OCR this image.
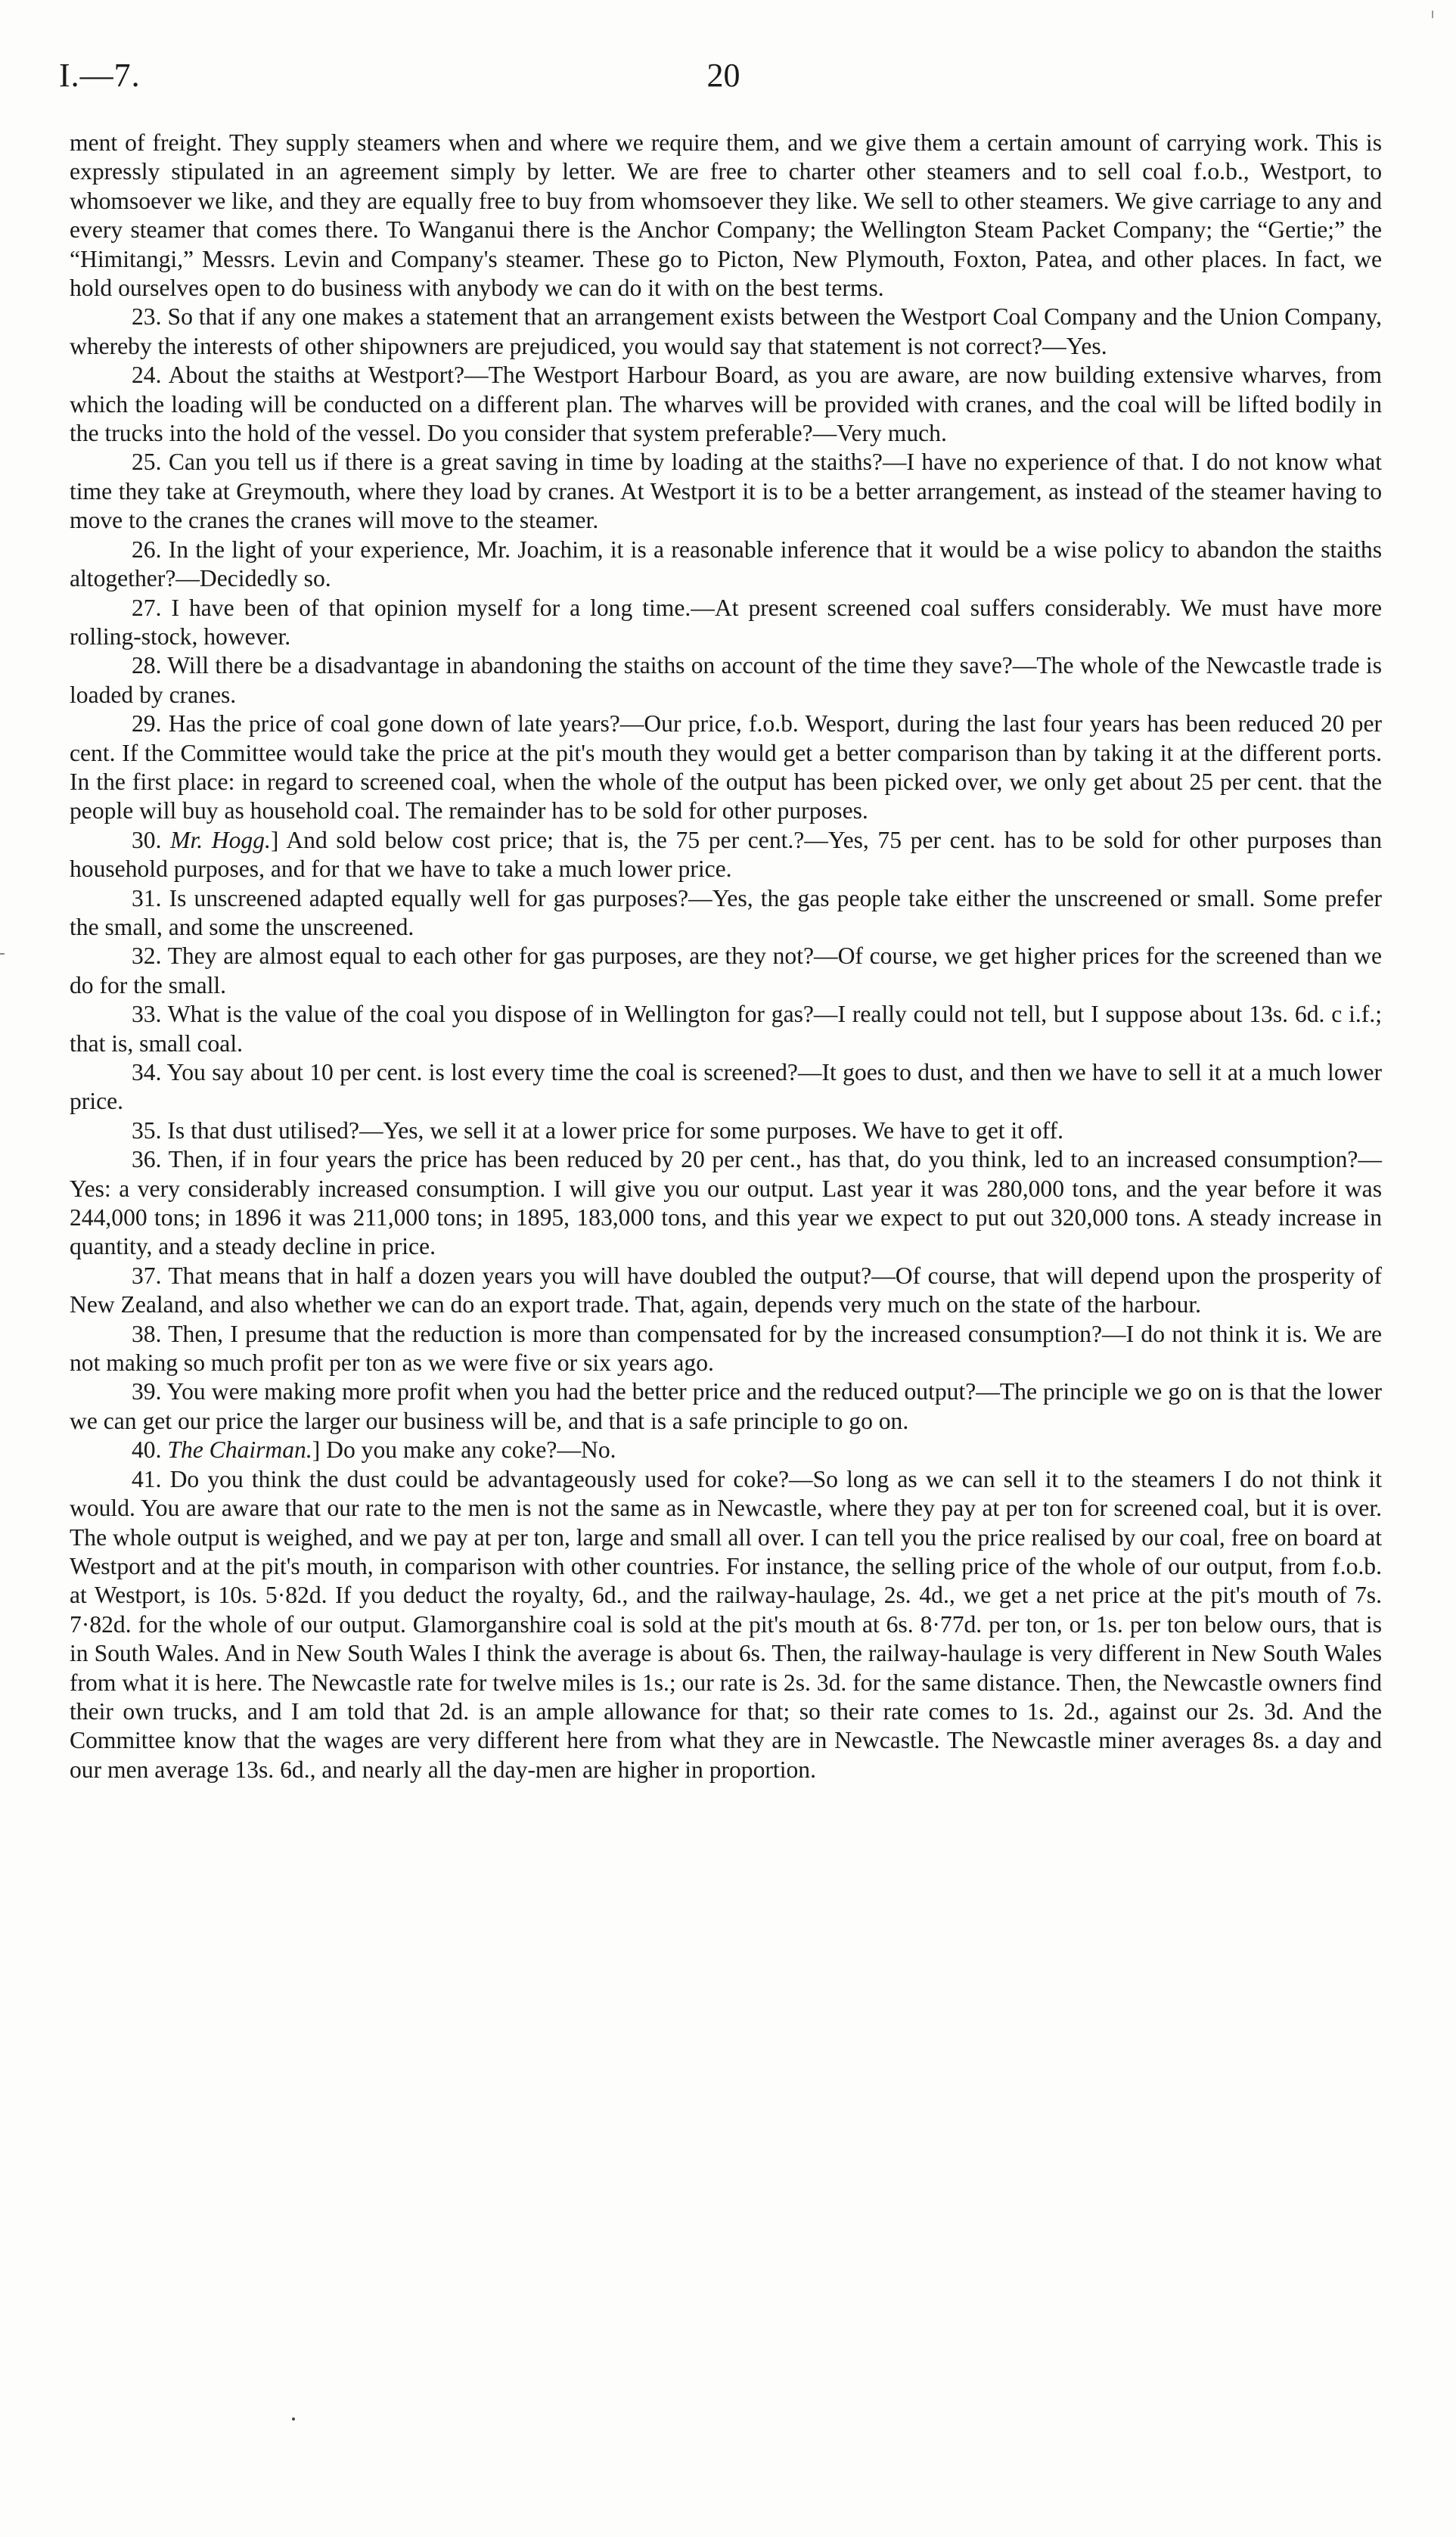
I.—7.	20

ment of freight. They supply steamers when and where we require them, and we give them a certain amount of carrying work. This is expressly stipulated in an agreement simply by letter. We are free to charter other steamers and to sell coal f.o.b., Westport, to whomsoever we like, and they are equally free to buy from whomsoever they like. We sell to other steamers. We give carriage to any and every steamer that comes there. To Wanganui there is the Anchor Company; the Wellington Steam Packet Company; the “Gertie;” the “Himitangi,” Messrs. Levin and Company's steamer. These go to Picton, New Plymouth, Foxton, Patea, and other places. In fact, we hold ourselves open to do business with anybody we can do it with on the best terms.

23. So that if any one makes a statement that an arrangement exists between the Westport Coal Company and the Union Company, whereby the interests of other shipowners are prejudiced, you would say that statement is not correct?—Yes.

24. About the staiths at Westport?—The Westport Harbour Board, as you are aware, are now building extensive wharves, from which the loading will be conducted on a different plan. The wharves will be provided with cranes, and the coal will be lifted bodily in the trucks into the hold of the vessel. Do you consider that system preferable?—Very much.

25. Can you tell us if there is a great saving in time by loading at the staiths?—I have no experience of that. I do not know what time they take at Greymouth, where they load by cranes. At Westport it is to be a better arrangement, as instead of the steamer having to move to the cranes the cranes will move to the steamer.

26. In the light of your experience, Mr. Joachim, it is a reasonable inference that it would be a wise policy to abandon the staiths altogether?—Decidedly so.

27. I have been of that opinion myself for a long time.—At present screened coal suffers considerably. We must have more rolling-stock, however.

28. Will there be a disadvantage in abandoning the staiths on account of the time they save?—The whole of the Newcastle trade is loaded by cranes.

29. Has the price of coal gone down of late years?—Our price, f.o.b. Wesport, during the last four years has been reduced 20 per cent. If the Committee would take the price at the pit's mouth they would get a better comparison than by taking it at the different ports. In the first place: in regard to screened coal, when the whole of the output has been picked over, we only get about 25 per cent. that the people will buy as household coal. The remainder has to be sold for other purposes.

30. Mr. Hogg.] And sold below cost price; that is, the 75 per cent.?—Yes, 75 per cent. has to be sold for other purposes than household purposes, and for that we have to take a much lower price.

31. Is unscreened adapted equally well for gas purposes?—Yes, the gas people take either the unscreened or small. Some prefer the small, and some the unscreened.

32. They are almost equal to each other for gas purposes, are they not?—Of course, we get higher prices for the screened than we do for the small.

33. What is the value of the coal you dispose of in Wellington for gas?—I really could not tell, but I suppose about 13s. 6d. c i.f.; that is, small coal.

34. You say about 10 per cent. is lost every time the coal is screened?—It goes to dust, and then we have to sell it at a much lower price.

35. Is that dust utilised?—Yes, we sell it at a lower price for some purposes. We have to get it off.

36. Then, if in four years the price has been reduced by 20 per cent., has that, do you think, led to an increased consumption?—Yes: a very considerably increased consumption. I will give you our output. Last year it was 280,000 tons, and the year before it was 244,000 tons; in 1896 it was 211,000 tons; in 1895, 183,000 tons, and this year we expect to put out 320,000 tons. A steady increase in quantity, and a steady decline in price.

37. That means that in half a dozen years you will have doubled the output?—Of course, that will depend upon the prosperity of New Zealand, and also whether we can do an export trade. That, again, depends very much on the state of the harbour.

38. Then, I presume that the reduction is more than compensated for by the increased consumption?—I do not think it is. We are not making so much profit per ton as we were five or six years ago.

39. You were making more profit when you had the better price and the reduced output?—The principle we go on is that the lower we can get our price the larger our business will be, and that is a safe principle to go on.

40. The Chairman.] Do you make any coke?—No.

41. Do you think the dust could be advantageously used for coke?—So long as we can sell it to the steamers I do not think it would. You are aware that our rate to the men is not the same as in Newcastle, where they pay at per ton for screened coal, but it is over. The whole output is weighed, and we pay at per ton, large and small all over. I can tell you the price realised by our coal, free on board at Westport and at the pit's mouth, in comparison with other countries. For instance, the selling price of the whole of our output, from f.o.b. at Westport, is 10s. 5·82d. If you deduct the royalty, 6d., and the railway-haulage, 2s. 4d., we get a net price at the pit's mouth of 7s. 7·82d. for the whole of our output. Glamorganshire coal is sold at the pit's mouth at 6s. 8·77d. per ton, or 1s. per ton below ours, that is in South Wales. And in New South Wales I think the average is about 6s. Then, the railway-haulage is very different in New South Wales from what it is here. The Newcastle rate for twelve miles is 1s.; our rate is 2s. 3d. for the same distance. Then, the Newcastle owners find their own trucks, and I am told that 2d. is an ample allowance for that; so their rate comes to 1s. 2d., against our 2s. 3d. And the Committee know that the wages are very different here from what they are in Newcastle. The Newcastle miner averages 8s. a day and our men average 13s. 6d., and nearly all the day-men are higher in proportion.
